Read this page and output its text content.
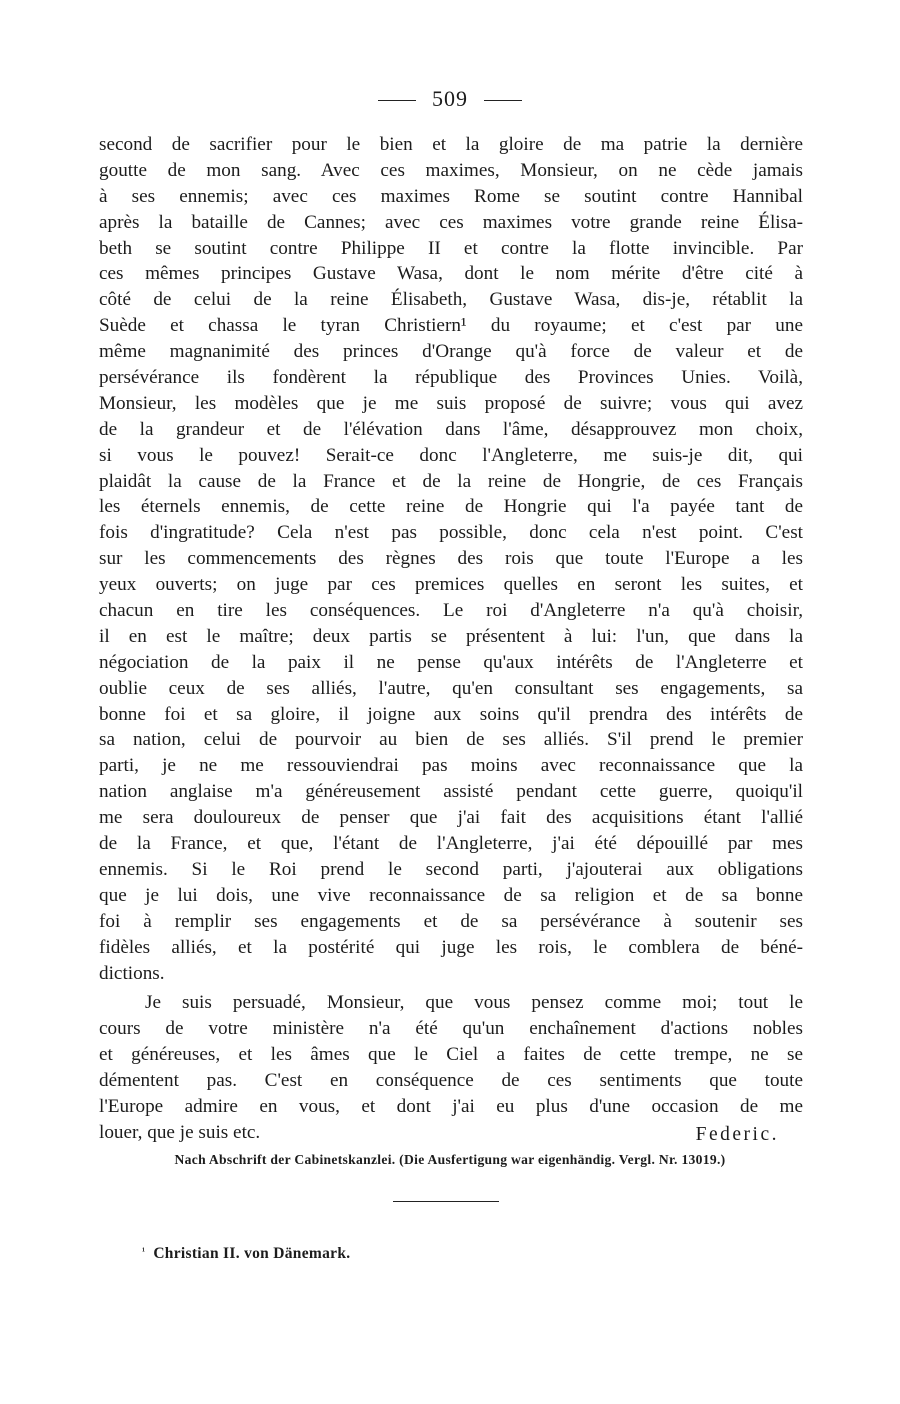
509
second de sacrifier pour le bien et la gloire de ma patrie la dernière
goutte de mon sang. Avec ces maximes, Monsieur, on ne cède jamais
à ses ennemis; avec ces maximes Rome se soutint contre Hannibal
après la bataille de Cannes; avec ces maximes votre grande reine Élisa-
beth se soutint contre Philippe II et contre la flotte invincible. Par
ces mêmes principes Gustave Wasa, dont le nom mérite d'être cité à
côté de celui de la reine Élisabeth, Gustave Wasa, dis-je, rétablit la
Suède et chassa le tyran Christiern¹ du royaume; et c'est par une
même magnanimité des princes d'Orange qu'à force de valeur et de
persévérance ils fondèrent la république des Provinces Unies. Voilà,
Monsieur, les modèles que je me suis proposé de suivre; vous qui avez
de la grandeur et de l'élévation dans l'âme, désapprouvez mon choix,
si vous le pouvez! Serait-ce donc l'Angleterre, me suis-je dit, qui
plaidât la cause de la France et de la reine de Hongrie, de ces Français
les éternels ennemis, de cette reine de Hongrie qui l'a payée tant de
fois d'ingratitude? Cela n'est pas possible, donc cela n'est point. C'est
sur les commencements des règnes des rois que toute l'Europe a les
yeux ouverts; on juge par ces premices quelles en seront les suites, et
chacun en tire les conséquences. Le roi d'Angleterre n'a qu'à choisir,
il en est le maître; deux partis se présentent à lui: l'un, que dans la
négociation de la paix il ne pense qu'aux intérêts de l'Angleterre et
oublie ceux de ses alliés, l'autre, qu'en consultant ses engagements, sa
bonne foi et sa gloire, il joigne aux soins qu'il prendra des intérêts de
sa nation, celui de pourvoir au bien de ses alliés. S'il prend le premier
parti, je ne me ressouviendrai pas moins avec reconnaissance que la
nation anglaise m'a généreusement assisté pendant cette guerre, quoiqu'il
me sera douloureux de penser que j'ai fait des acquisitions étant l'allié
de la France, et que, l'étant de l'Angleterre, j'ai été dépouillé par mes
ennemis. Si le Roi prend le second parti, j'ajouterai aux obligations
que je lui dois, une vive reconnaissance de sa religion et de sa bonne
foi à remplir ses engagements et de sa persévérance à soutenir ses
fidèles alliés, et la postérité qui juge les rois, le comblera de béné-
dictions.
Je suis persuadé, Monsieur, que vous pensez comme moi; tout le
cours de votre ministère n'a été qu'un enchaînement d'actions nobles
et généreuses, et les âmes que le Ciel a faites de cette trempe, ne se
démentent pas. C'est en conséquence de ces sentiments que toute
l'Europe admire en vous, et dont j'ai eu plus d'une occasion de me
louer, que je suis etc.	Federic.
Nach Abschrift der Cabinetskanzlei. (Die Ausfertigung war eigenhändig. Vergl. Nr. 13019.)
$^{^1}$ Christian II. von Dänemark.
